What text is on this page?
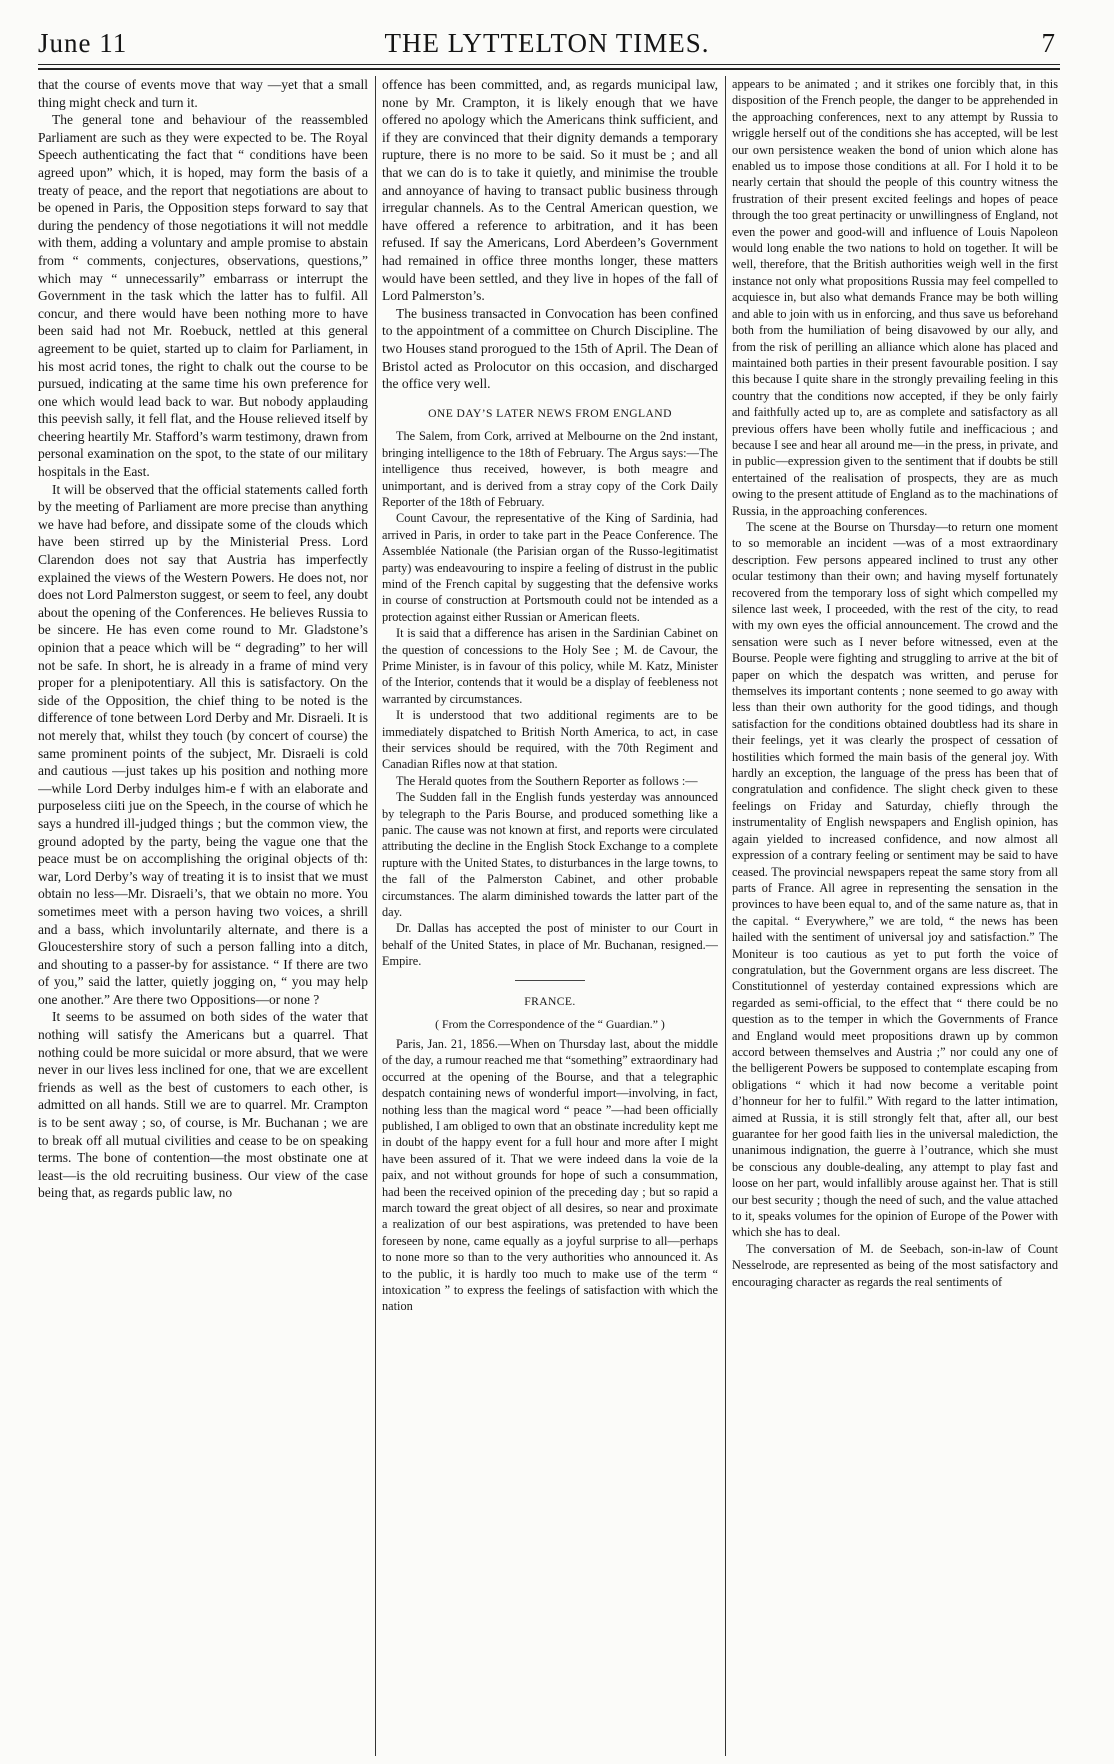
June 11	THE LYTTELTON TIMES.	7

that the course of events move that way —yet that a small thing might check and turn it.

The general tone and behaviour of the reassembled Parliament are such as they were expected to be. The Royal Speech authenticating the fact that “ conditions have been agreed upon” which, it is hoped, may form the basis of a treaty of peace, and the report that negotiations are about to be opened in Paris, the Opposition steps forward to say that during the pendency of those negotiations it will not meddle with them, adding a voluntary and ample promise to abstain from “ comments, conjectures, observations, questions,” which may “ unnecessarily” embarrass or interrupt the Government in the task which the latter has to fulfil. All concur, and there would have been nothing more to have been said had not Mr. Roebuck, nettled at this general agreement to be quiet, started up to claim for Parliament, in his most acrid tones, the right to chalk out the course to be pursued, indicating at the same time his own preference for one which would lead back to war. But nobody applauding this peevish sally, it fell flat, and the House relieved itself by cheering heartily Mr. Stafford’s warm testimony, drawn from personal examination on the spot, to the state of our military hospitals in the East.

It will be observed that the official statements called forth by the meeting of Parliament are more precise than anything we have had before, and dissipate some of the clouds which have been stirred up by the Ministerial Press. Lord Clarendon does not say that Austria has imperfectly explained the views of the Western Powers. He does not, nor does not Lord Palmerston suggest, or seem to feel, any doubt about the opening of the Conferences. He believes Russia to be sincere. He has even come round to Mr. Gladstone’s opinion that a peace which will be “ degrading” to her will not be safe. In short, he is already in a frame of mind very proper for a plenipotentiary. All this is satisfactory. On the side of the Opposition, the chief thing to be noted is the difference of tone between Lord Derby and Mr. Disraeli. It is not merely that, whilst they touch (by concert of course) the same prominent points of the subject, Mr. Disraeli is cold and cautious —just takes up his position and nothing more—while Lord Derby indulges him‑e f with an elaborate and purposeless ciiti jue on the Speech, in the course of which he says a hundred ill-judged things ; but the common view, the ground adopted by the party, being the vague one that the peace must be on accomplishing the original objects of th: war, Lord Derby’s way of treating it is to insist that we must obtain no less—Mr. Disraeli’s, that we obtain no more. You sometimes meet with a person having two voices, a shrill and a bass, which involuntarily alternate, and there is a Gloucestershire story of such a person falling into a ditch, and shouting to a passer-by for assistance. “ If there are two of you,” said the latter, quietly jogging on, “ you may help one another.” Are there two Oppositions—or none ?

It seems to be assumed on both sides of the water that nothing will satisfy the Americans but a quarrel. That nothing could be more suicidal or more absurd, that we were never in our lives less inclined for one, that we are excellent friends as well as the best of customers to each other, is admitted on all hands. Still we are to quarrel. Mr. Crampton is to be sent away ; so, of course, is Mr. Buchanan ; we are to break off all mutual civilities and cease to be on speaking terms. The bone of contention—the most obstinate one at least—is the old recruiting business. Our view of the case being that, as regards public law, no

offence has been committed, and, as regards municipal law, none by Mr. Crampton, it is likely enough that we have offered no apology which the Americans think sufficient, and if they are convinced that their dignity demands a temporary rupture, there is no more to be said. So it must be ; and all that we can do is to take it quietly, and minimise the trouble and annoyance of having to transact public business through irregular channels. As to the Central American question, we have offered a reference to arbitration, and it has been refused. If say the Americans, Lord Aberdeen’s Government had remained in office three months longer, these matters would have been settled, and they live in hopes of the fall of Lord Palmerston’s.

The business transacted in Convocation has been confined to the appointment of a committee on Church Discipline. The two Houses stand prorogued to the 15th of April. The Dean of Bristol acted as Prolocutor on this occasion, and discharged the office very well.

ONE DAY’S LATER NEWS FROM ENGLAND

The Salem, from Cork, arrived at Melbourne on the 2nd instant, bringing intelligence to the 18th of February. The Argus says:—The intelligence thus received, however, is both meagre and unimportant, and is derived from a stray copy of the Cork Daily Reporter of the 18th of February.

Count Cavour, the representative of the King of Sardinia, had arrived in Paris, in order to take part in the Peace Conference. The Assemblée Nationale (the Parisian organ of the Russo-legitimatist party) was endeavouring to inspire a feeling of distrust in the public mind of the French capital by suggesting that the defensive works in course of construction at Portsmouth could not be intended as a protection against either Russian or American fleets.

It is said that a difference has arisen in the Sardinian Cabinet on the question of concessions to the Holy See ; M. de Cavour, the Prime Minister, is in favour of this policy, while M. Katz, Minister of the Interior, contends that it would be a display of feebleness not warranted by circumstances.

It is understood that two additional regiments are to be immediately dispatched to British North America, to act, in case their services should be required, with the 70th Regiment and Canadian Rifles now at that station.

The Herald quotes from the Southern Reporter as follows :—

The Sudden fall in the English funds yesterday was announced by telegraph to the Paris Bourse, and produced something like a panic. The cause was not known at first, and reports were circulated attributing the decline in the English Stock Exchange to a complete rupture with the United States, to disturbances in the large towns, to the fall of the Palmerston Cabinet, and other probable circumstances. The alarm diminished towards the latter part of the day.

Dr. Dallas has accepted the post of minister to our Court in behalf of the United States, in place of Mr. Buchanan, resigned.—Empire.

FRANCE.
( From the Correspondence of the “ Guardian.” )

Paris, Jan. 21, 1856.—When on Thursday last, about the middle of the day, a rumour reached me that “something” extraordinary had occurred at the opening of the Bourse, and that a telegraphic despatch containing news of wonderful import—involving, in fact, nothing less than the magical word “ peace ”—had been officially published, I am obliged to own that an obstinate incredulity kept me in doubt of the happy event for a full hour and more after I might have been assured of it. That we were indeed dans la voie de la paix, and not without grounds for hope of such a consummation, had been the received opinion of the preceding day ; but so rapid a march toward the great object of all desires, so near and proximate a realization of our best aspirations, was pretended to have been foreseen by none, came equally as a joyful surprise to all—perhaps to none more so than to the very authorities who announced it. As to the public, it is hardly too much to make use of the term “ intoxication ” to express the feelings of satisfaction with which the nation

appears to be animated ; and it strikes one forcibly that, in this disposition of the French people, the danger to be apprehended in the approaching conferences, next to any attempt by Russia to wriggle herself out of the conditions she has accepted, will be lest our own persistence weaken the bond of union which alone has enabled us to impose those conditions at all. For I hold it to be nearly certain that should the people of this country witness the frustration of their present excited feelings and hopes of peace through the too great pertinacity or unwillingness of England, not even the power and good-will and influence of Louis Napoleon would long enable the two nations to hold on together. It will be well, therefore, that the British authorities weigh well in the first instance not only what propositions Russia may feel compelled to acquiesce in, but also what demands France may be both willing and able to join with us in enforcing, and thus save us beforehand both from the humiliation of being disavowed by our ally, and from the risk of perilling an alliance which alone has placed and maintained both parties in their present favourable position. I say this because I quite share in the strongly prevailing feeling in this country that the conditions now accepted, if they be only fairly and faithfully acted up to, are as complete and satisfactory as all previous offers have been wholly futile and inefficacious ; and because I see and hear all around me—in the press, in private, and in public—expression given to the sentiment that if doubts be still entertained of the realisation of prospects, they are as much owing to the present attitude of England as to the machinations of Russia, in the approaching conferences.

The scene at the Bourse on Thursday—to return one moment to so memorable an incident —was of a most extraordinary description. Few persons appeared inclined to trust any other ocular testimony than their own; and having myself fortunately recovered from the temporary loss of sight which compelled my silence last week, I proceeded, with the rest of the city, to read with my own eyes the official announcement. The crowd and the sensation were such as I never before witnessed, even at the Bourse. People were fighting and struggling to arrive at the bit of paper on which the despatch was written, and peruse for themselves its important contents ; none seemed to go away with less than their own authority for the good tidings, and though satisfaction for the conditions obtained doubtless had its share in their feelings, yet it was clearly the prospect of cessation of hostilities which formed the main basis of the general joy. With hardly an exception, the language of the press has been that of congratulation and confidence. The slight check given to these feelings on Friday and Saturday, chiefly through the instrumentality of English newspapers and English opinion, has again yielded to increased confidence, and now almost all expression of a contrary feeling or sentiment may be said to have ceased. The provincial newspapers repeat the same story from all parts of France. All agree in representing the sensation in the provinces to have been equal to, and of the same nature as, that in the capital. “ Everywhere,” we are told, “ the news has been hailed with the sentiment of universal joy and satisfaction.” The Moniteur is too cautious as yet to put forth the voice of congratulation, but the Government organs are less discreet. The Constitutionnel of yesterday contained expressions which are regarded as semi-official, to the effect that “ there could be no question as to the temper in which the Governments of France and England would meet propositions drawn up by common accord between themselves and Austria ;” nor could any one of the belligerent Powers be supposed to contemplate escaping from obligations “ which it had now become a veritable point d’honneur for her to fulfil.” With regard to the latter intimation, aimed at Russia, it is still strongly felt that, after all, our best guarantee for her good faith lies in the universal malediction, the unanimous indignation, the guerre à l’outrance, which she must be conscious any double-dealing, any attempt to play fast and loose on her part, would infallibly arouse against her. That is still our best security ; though the need of such, and the value attached to it, speaks volumes for the opinion of Europe of the Power with which she has to deal.

The conversation of M. de Seebach, son-in-law of Count Nesselrode, are represented as being of the most satisfactory and encouraging character as regards the real sentiments of
